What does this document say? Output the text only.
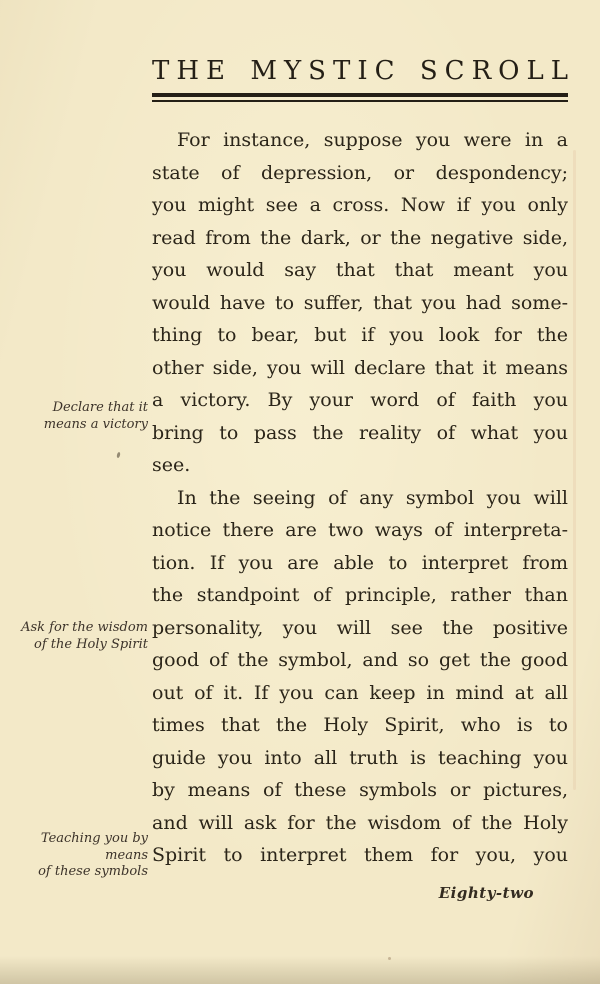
THE MYSTIC SCROLL
For instance, suppose you were in a
state of depression, or despondency;
you might see a cross. Now if you only
read from the dark, or the negative side,
you would say that that meant you
would have to suffer, that you had some-
thing to bear, but if you look for the
other side, you will declare that it means
a victory. By your word of faith you
bring to pass the reality of what you
see.
In the seeing of any symbol you will
notice there are two ways of interpreta-
tion. If you are able to interpret from
the standpoint of principle, rather than
personality, you will see the positive
good of the symbol, and so get the good
out of it. If you can keep in mind at all
times that the Holy Spirit, who is to
guide you into all truth is teaching you
by means of these symbols or pictures,
and will ask for the wisdom of the Holy
Spirit to interpret them for you, you
Declare that it
means a victory
Ask for the wisdom
of the Holy Spirit
Teaching you by means
of these symbols
Eighty-two
